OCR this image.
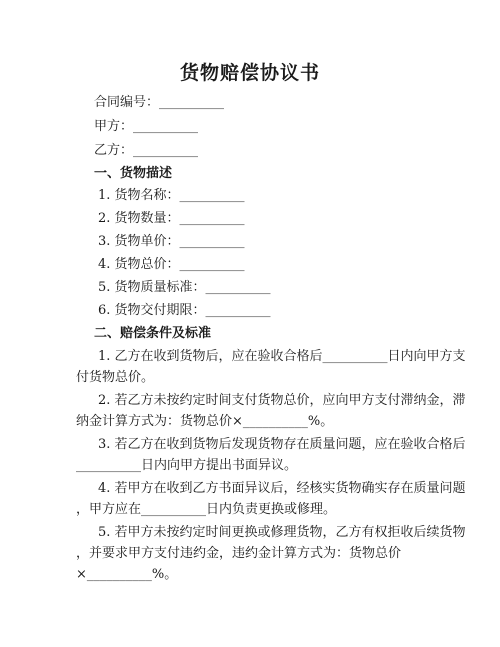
货物赔偿协议书
合同编号：__________
甲方：__________
乙方：__________
一、货物描述
1. 货物名称：__________
2. 货物数量：__________
3. 货物单价：__________
4. 货物总价：__________
5. 货物质量标准：__________
6. 货物交付期限：__________
二、赔偿条件及标准
1. 乙方在收到货物后，应在验收合格后__________日内向甲方支
付货物总价。
2. 若乙方未按约定时间支付货物总价，应向甲方支付滞纳金，滞
纳金计算方式为：货物总价×__________%。
3. 若乙方在收到货物后发现货物存在质量问题，应在验收合格后
__________日内向甲方提出书面异议。
4. 若甲方在收到乙方书面异议后，经核实货物确实存在质量问题
，甲方应在__________日内负责更换或修理。
5. 若甲方未按约定时间更换或修理货物，乙方有权拒收后续货物
，并要求甲方支付违约金，违约金计算方式为：货物总价
×__________%。
